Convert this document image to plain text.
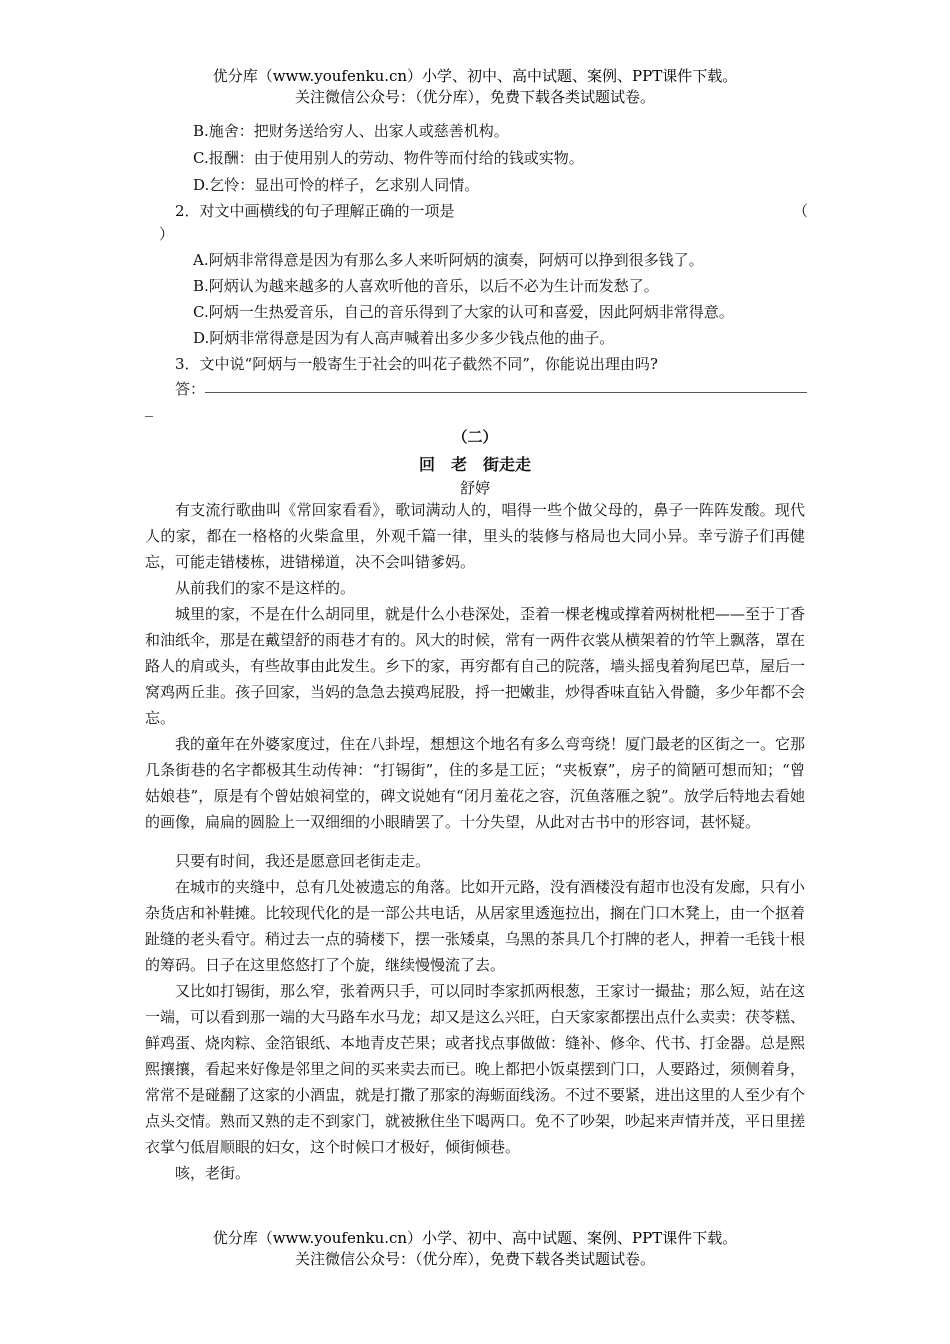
优分库（www.youfenku.cn）小学、初中、高中试题、案例、PPT课件下载。
关注微信公众号：（优分库），免费下载各类试题试卷。
B.施舍：把财务送给穷人、出家人或慈善机构。
C.报酬：由于使用别人的劳动、物件等而付给的钱或实物。
D.乞怜：显出可怜的样子，乞求别人同情。
2．对文中画横线的句子理解正确的一项是	（
）
A.阿炳非常得意是因为有那么多人来听阿炳的演奏，阿炳可以挣到很多钱了。
B.阿炳认为越来越多的人喜欢听他的音乐，以后不必为生计而发愁了。
C.阿炳一生热爱音乐，自己的音乐得到了大家的认可和喜爱，因此阿炳非常得意。
D.阿炳非常得意是因为有人高声喊着出多少多少钱点他的曲子。
3．文中说“阿炳与一般寄生于社会的叫花子截然不同”，你能说出理由吗?
答：
（二）
回　老　街走走
舒婷
有支流行歌曲叫《常回家看看》，歌词满动人的，唱得一些个做父母的，鼻子一阵阵发酸。现代人的家，都在一格格的火柴盒里，外观千篇一律，里头的装修与格局也大同小异。幸亏游子们再健忘，可能走错楼栋，进错梯道，决不会叫错爹妈。
从前我们的家不是这样的。
城里的家，不是在什么胡同里，就是什么小巷深处，歪着一棵老槐或撑着两树枇杷——至于丁香和油纸伞，那是在戴望舒的雨巷才有的。风大的时候，常有一两件衣裳从横架着的竹竿上飘落，罩在路人的肩或头，有些故事由此发生。乡下的家，再穷都有自己的院落，墙头摇曳着狗尾巴草，屋后一窝鸡两丘韭。孩子回家，当妈的急急去摸鸡屁股，捋一把嫩韭，炒得香味直钻入骨髓，多少年都不会忘。
我的童年在外婆家度过，住在八卦埕，想想这个地名有多么弯弯绕！厦门最老的区街之一。它那几条街巷的名字都极其生动传神：“打锡街”，住的多是工匠；“夹板寮”，房子的简陋可想而知；“曾姑娘巷”，原是有个曾姑娘祠堂的，碑文说她有“闭月羞花之容，沉鱼落雁之貌”。放学后特地去看她的画像，扁扁的圆脸上一双细细的小眼睛罢了。十分失望，从此对古书中的形容词，甚怀疑。
只要有时间，我还是愿意回老街走走。
在城市的夹缝中，总有几处被遗忘的角落。比如开元路，没有酒楼没有超市也没有发廊，只有小杂货店和补鞋摊。比较现代化的是一部公共电话，从居家里透迤拉出，搁在门口木凳上，由一个抠着趾缝的老头看守。稍过去一点的骑楼下，摆一张矮桌，乌黑的茶具几个打牌的老人，押着一毛钱十根的筹码。日子在这里悠悠打了个旋，继续慢慢流了去。
又比如打锡街，那么窄，张着两只手，可以同时李家抓两根葱，王家讨一撮盐；那么短，站在这一端，可以看到那一端的大马路车水马龙；却又是这么兴旺，白天家家都摆出点什么卖卖：茯苓糕、鲜鸡蛋、烧肉粽、金箔银纸、本地青皮芒果；或者找点事做做：缝补、修伞、代书、打金器。总是熙熙攘攘，看起来好像是邻里之间的买来卖去而已。晚上都把小饭桌摆到门口，人要路过，须侧着身，常常不是碰翻了这家的小酒盅，就是打撒了那家的海蛎面线汤。不过不要紧，进出这里的人至少有个点头交情。熟而又熟的走不到家门，就被揪住坐下喝两口。免不了吵架，吵起来声情并茂，平日里搓衣掌勺低眉顺眼的妇女，这个时候口才极好，倾街倾巷。
咳，老街。
优分库（www.youfenku.cn）小学、初中、高中试题、案例、PPT课件下载。
关注微信公众号：（优分库），免费下载各类试题试卷。
